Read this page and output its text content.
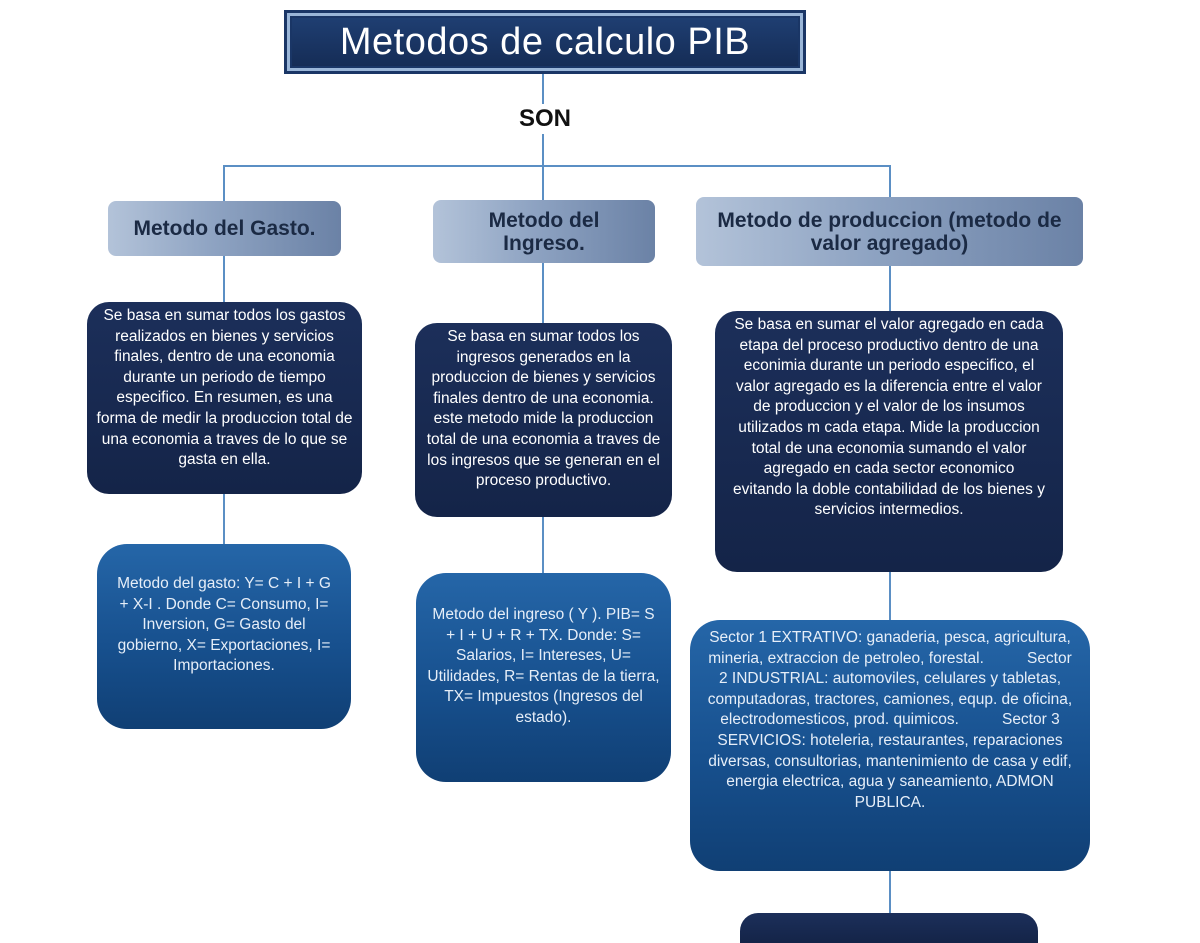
Metodos de calculo PIB
SON
Metodo del Gasto.	Metodo del Ingreso.
Metodo de produccion (metodo de valor agregado)
Se basa en sumar todos los gastos realizados en bienes y servicios finales, dentro de una economia durante un periodo de tiempo especifico. En resumen, es una forma de medir la produccion total de una economia a traves de lo que se gasta en ella.
Se basa en sumar todos los ingresos generados en la produccion de bienes y servicios finales dentro de una economia. este metodo mide la produccion total de una economia a traves de los ingresos que se generan en el proceso productivo.
Se basa en sumar el valor agregado en cada etapa del proceso productivo dentro de una econimia durante un periodo especifico, el valor agregado es la diferencia entre el valor de produccion y el valor de los insumos utilizados m cada etapa. Mide la produccion total de una economia sumando el valor agregado en cada sector economico evitando la doble contabilidad de los bienes y servicios intermedios.
Metodo del gasto: Y= C + I + G + X-I . Donde C= Consumo, I= Inversion, G= Gasto del gobierno, X= Exportaciones, I= Importaciones.
Metodo del ingreso ( Y ). PIB= S + I + U + R + TX. Donde: S= Salarios, I= Intereses, U= Utilidades, R= Rentas de la tierra, TX= Impuestos (Ingresos del estado).
Sector 1 EXTRATIVO: ganaderia, pesca, agricultura, mineria, extraccion de petroleo, forestal.          Sector 2 INDUSTRIAL: automoviles, celulares y tabletas, computadoras, tractores, camiones, equp. de oficina, electrodomesticos, prod. quimicos.          Sector 3 SERVICIOS: hoteleria, restaurantes, reparaciones diversas, consultorias, mantenimiento de casa y edif, energia electrica, agua y saneamiento, ADMON PUBLICA.
